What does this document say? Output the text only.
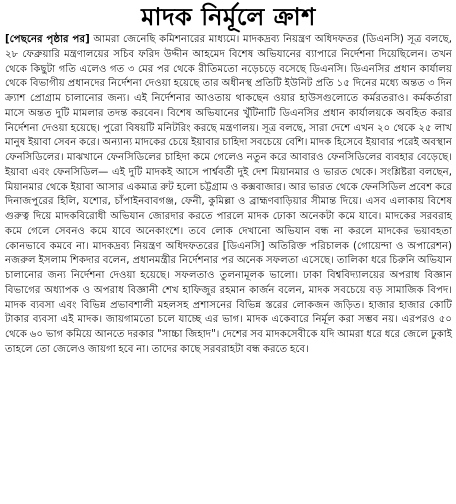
মাদক নির্মূলে ক্রাশ
[পেছনের পৃষ্ঠার পর] আমরা জেনেছি কমিশনারের মাধ্যমে। মাদকদ্রব্য নিয়ন্ত্রণ অধিদফতর (ডিএনসি) সূত্র বলছে, ২৮ ফেব্রুয়ারি মন্ত্রণালয়ের সচিব ফরিদ উদ্দীন আহমেদ বিশেষ অভিযানের ব্যাপারে নির্দেশনা দিয়েছিলেন। তখন থেকে কিছুটা গতি এলেও গত ৩ মের পর থেকে রীতিমতো নড়েচড়ে বসেছে ডিএনসি। ডিএনসির প্রধান কার্যালয় থেকে বিভাগীয় প্রধানদের নির্দেশনা দেওয়া হয়েছে তার অধীনস্থ প্রতিটি ইউনিট প্রতি ১৫ দিনের মধ্যে অন্তত ৩ দিন ক্র্যাশ প্রোগ্রাম চালানোর জন্য। এই নির্দেশনার আওতায় থাকছেন ওয়ার হাউসগুলোতে কর্মরতরাও। কর্মকর্তারা মাসে অন্তত দুটি মামলার তদন্ত করবেন। বিশেষ অভিযানের খুঁটিনাটি ডিএনসির প্রধান কার্যালয়কে অবহিত করার নির্দেশনা দেওয়া হয়েছে। পুরো বিষয়টি মনিটরিং করছে মন্ত্রণালয়। সূত্র বলছে, সারা দেশে এখন ২০ থেকে ২৫ লাখ মানুষ ইয়াবা সেবন করে। অন্যান্য মাদকের চেয়ে ইয়াবার চাহিদা সবচেয়ে বেশি। মাদক হিসেবে ইয়াবার পরেই অবস্থান ফেনসিডিলের। মাঝখানে ফেনসিডিলের চাহিদা কমে গেলেও নতুন করে আবারও ফেনসিডিলের ব্যবহার বেড়েছে। ইয়াবা এবং ফেনসিডিল— এই দুটি মাদকই আসে পার্শ্ববর্তী দুই দেশ মিয়ানমার ও ভারত থেকে। সংশ্লিষ্টরা বলছেন, মিয়ানমার থেকে ইয়াবা আসার একমাত্র রুট হলো চট্টগ্রাম ও কক্সবাজার। আর ভারত থেকে ফেনসিডিল প্রবেশ করে দিনাজপুরের হিলি, যশোর, চাঁপাইনবাবগঞ্জ, ফেনী, কুমিল্লা ও ব্রাহ্মণবাড়িয়ার সীমান্ত দিয়ে। এসব এলাকায় বিশেষ গুরুত্ব দিয়ে মাদকবিরোধী অভিযান জোরদার করতে পারলে মাদক ঢোকা অনেকটা কমে যাবে। মাদকের সরবরাহ কমে গেলে সেবনও কমে যাবে অনেকাংশে। তবে লোক দেখানো অভিযান বন্ধ না করলে মাদকের ভয়াবহতা কোনভাবে কমবে না। মাদকদ্রব্য নিয়ন্ত্রণ অধিদফতরের [ডিএনসি] অতিরিক্ত পরিচালক (গোয়েন্দা ও অপারেশন) নজরুল ইসলাম শিকদার বলেন, প্রধানমন্ত্রীর নির্দেশনার পর অনেক সফলতা এসেছে। তালিকা ধরে চিরুনি অভিযান চালানোর জন্য নির্দেশনা দেওয়া হয়েছে। সফলতাও তুলনামূলক ভালো। ঢাকা বিশ্ববিদ্যালয়ের অপরাধ বিজ্ঞান বিভাগের অধ্যাপক ও অপরাধ বিজ্ঞানী শেখ হাফিজুর রহমান কার্জন বলেন, মাদক সবচেয়ে বড় সামাজিক বিপদ। মাদক ব্যবসা এবং বিভিন্ন প্রভাবশালী মহলসহ প্রশাসনের বিভিন্ন স্তরের লোকজন জড়িত। হাজার হাজার কোটি টাকার ব্যবসা এই মাদক। জায়গামতো চলে যাচ্ছে এর ভাগ। মাদক একেবারে নির্মূল করা সম্ভব নয়। এরপরও ৫০ থেকে ৬০ ভাগ কমিয়ে আনতে দরকার "সাচ্চা জিহাদ"। দেশের সব মাদকসেবীকে যদি আমরা ধরে ধরে জেলে ঢুকাই তাহলে তো জেলেও জায়গা হবে না। তাদের কাছে সরবরাহটা বন্ধ করতে হবে।
